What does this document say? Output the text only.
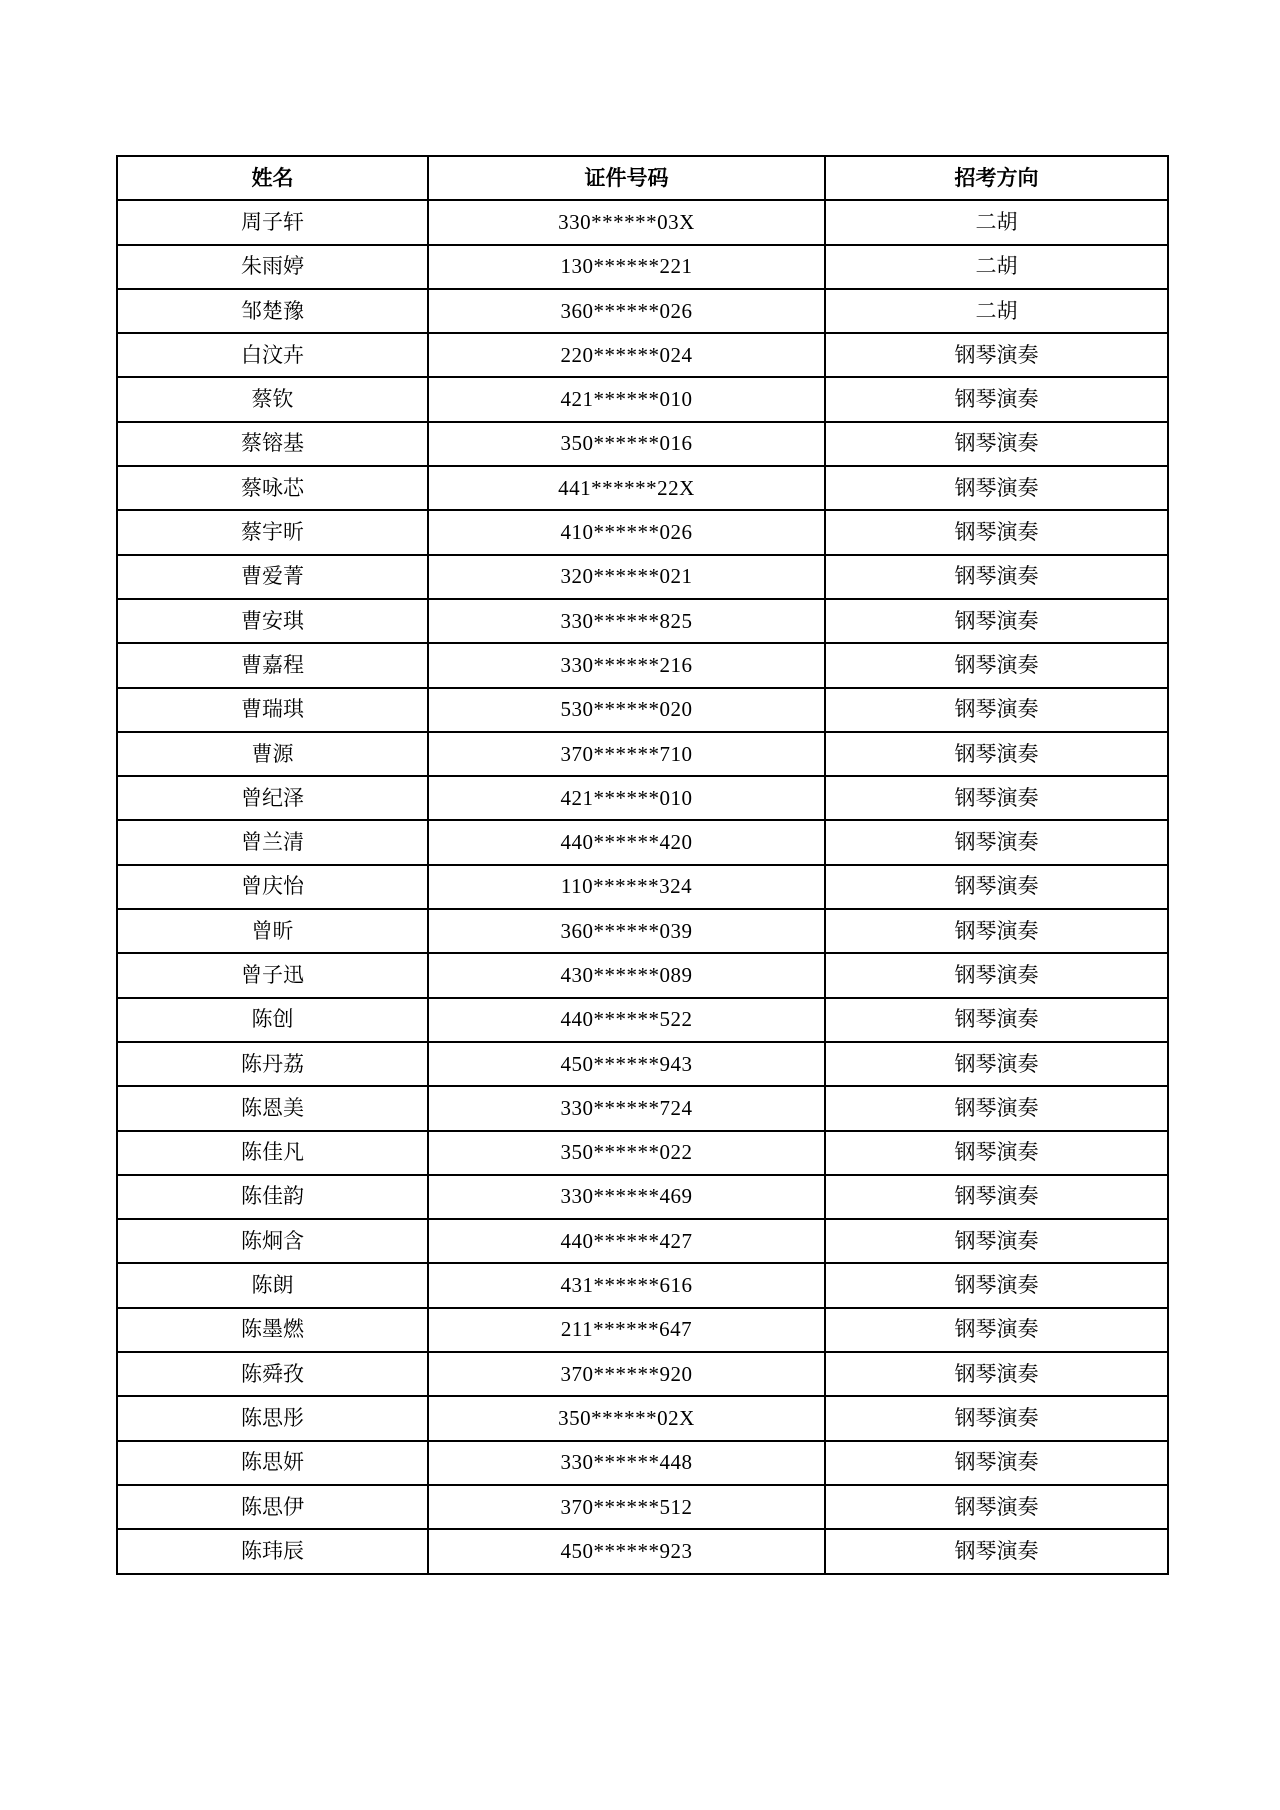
姓名	证件号码	招考方向
周子轩	330******03X	二胡
朱雨婷	130******221	二胡
邹楚豫	360******026	二胡
白汶卉	220******024	钢琴演奏
蔡钦	421******010	钢琴演奏
蔡镕基	350******016	钢琴演奏
蔡咏芯	441******22X	钢琴演奏
蔡宇昕	410******026	钢琴演奏
曹爱菁	320******021	钢琴演奏
曹安琪	330******825	钢琴演奏
曹嘉程	330******216	钢琴演奏
曹瑞琪	530******020	钢琴演奏
曹源	370******710	钢琴演奏
曾纪泽	421******010	钢琴演奏
曾兰清	440******420	钢琴演奏
曾庆怡	110******324	钢琴演奏
曾昕	360******039	钢琴演奏
曾子迅	430******089	钢琴演奏
陈创	440******522	钢琴演奏
陈丹荔	450******943	钢琴演奏
陈恩美	330******724	钢琴演奏
陈佳凡	350******022	钢琴演奏
陈佳韵	330******469	钢琴演奏
陈炯含	440******427	钢琴演奏
陈朗	431******616	钢琴演奏
陈墨燃	211******647	钢琴演奏
陈舜孜	370******920	钢琴演奏
陈思彤	350******02X	钢琴演奏
陈思妍	330******448	钢琴演奏
陈思伊	370******512	钢琴演奏
陈玮辰	450******923	钢琴演奏
